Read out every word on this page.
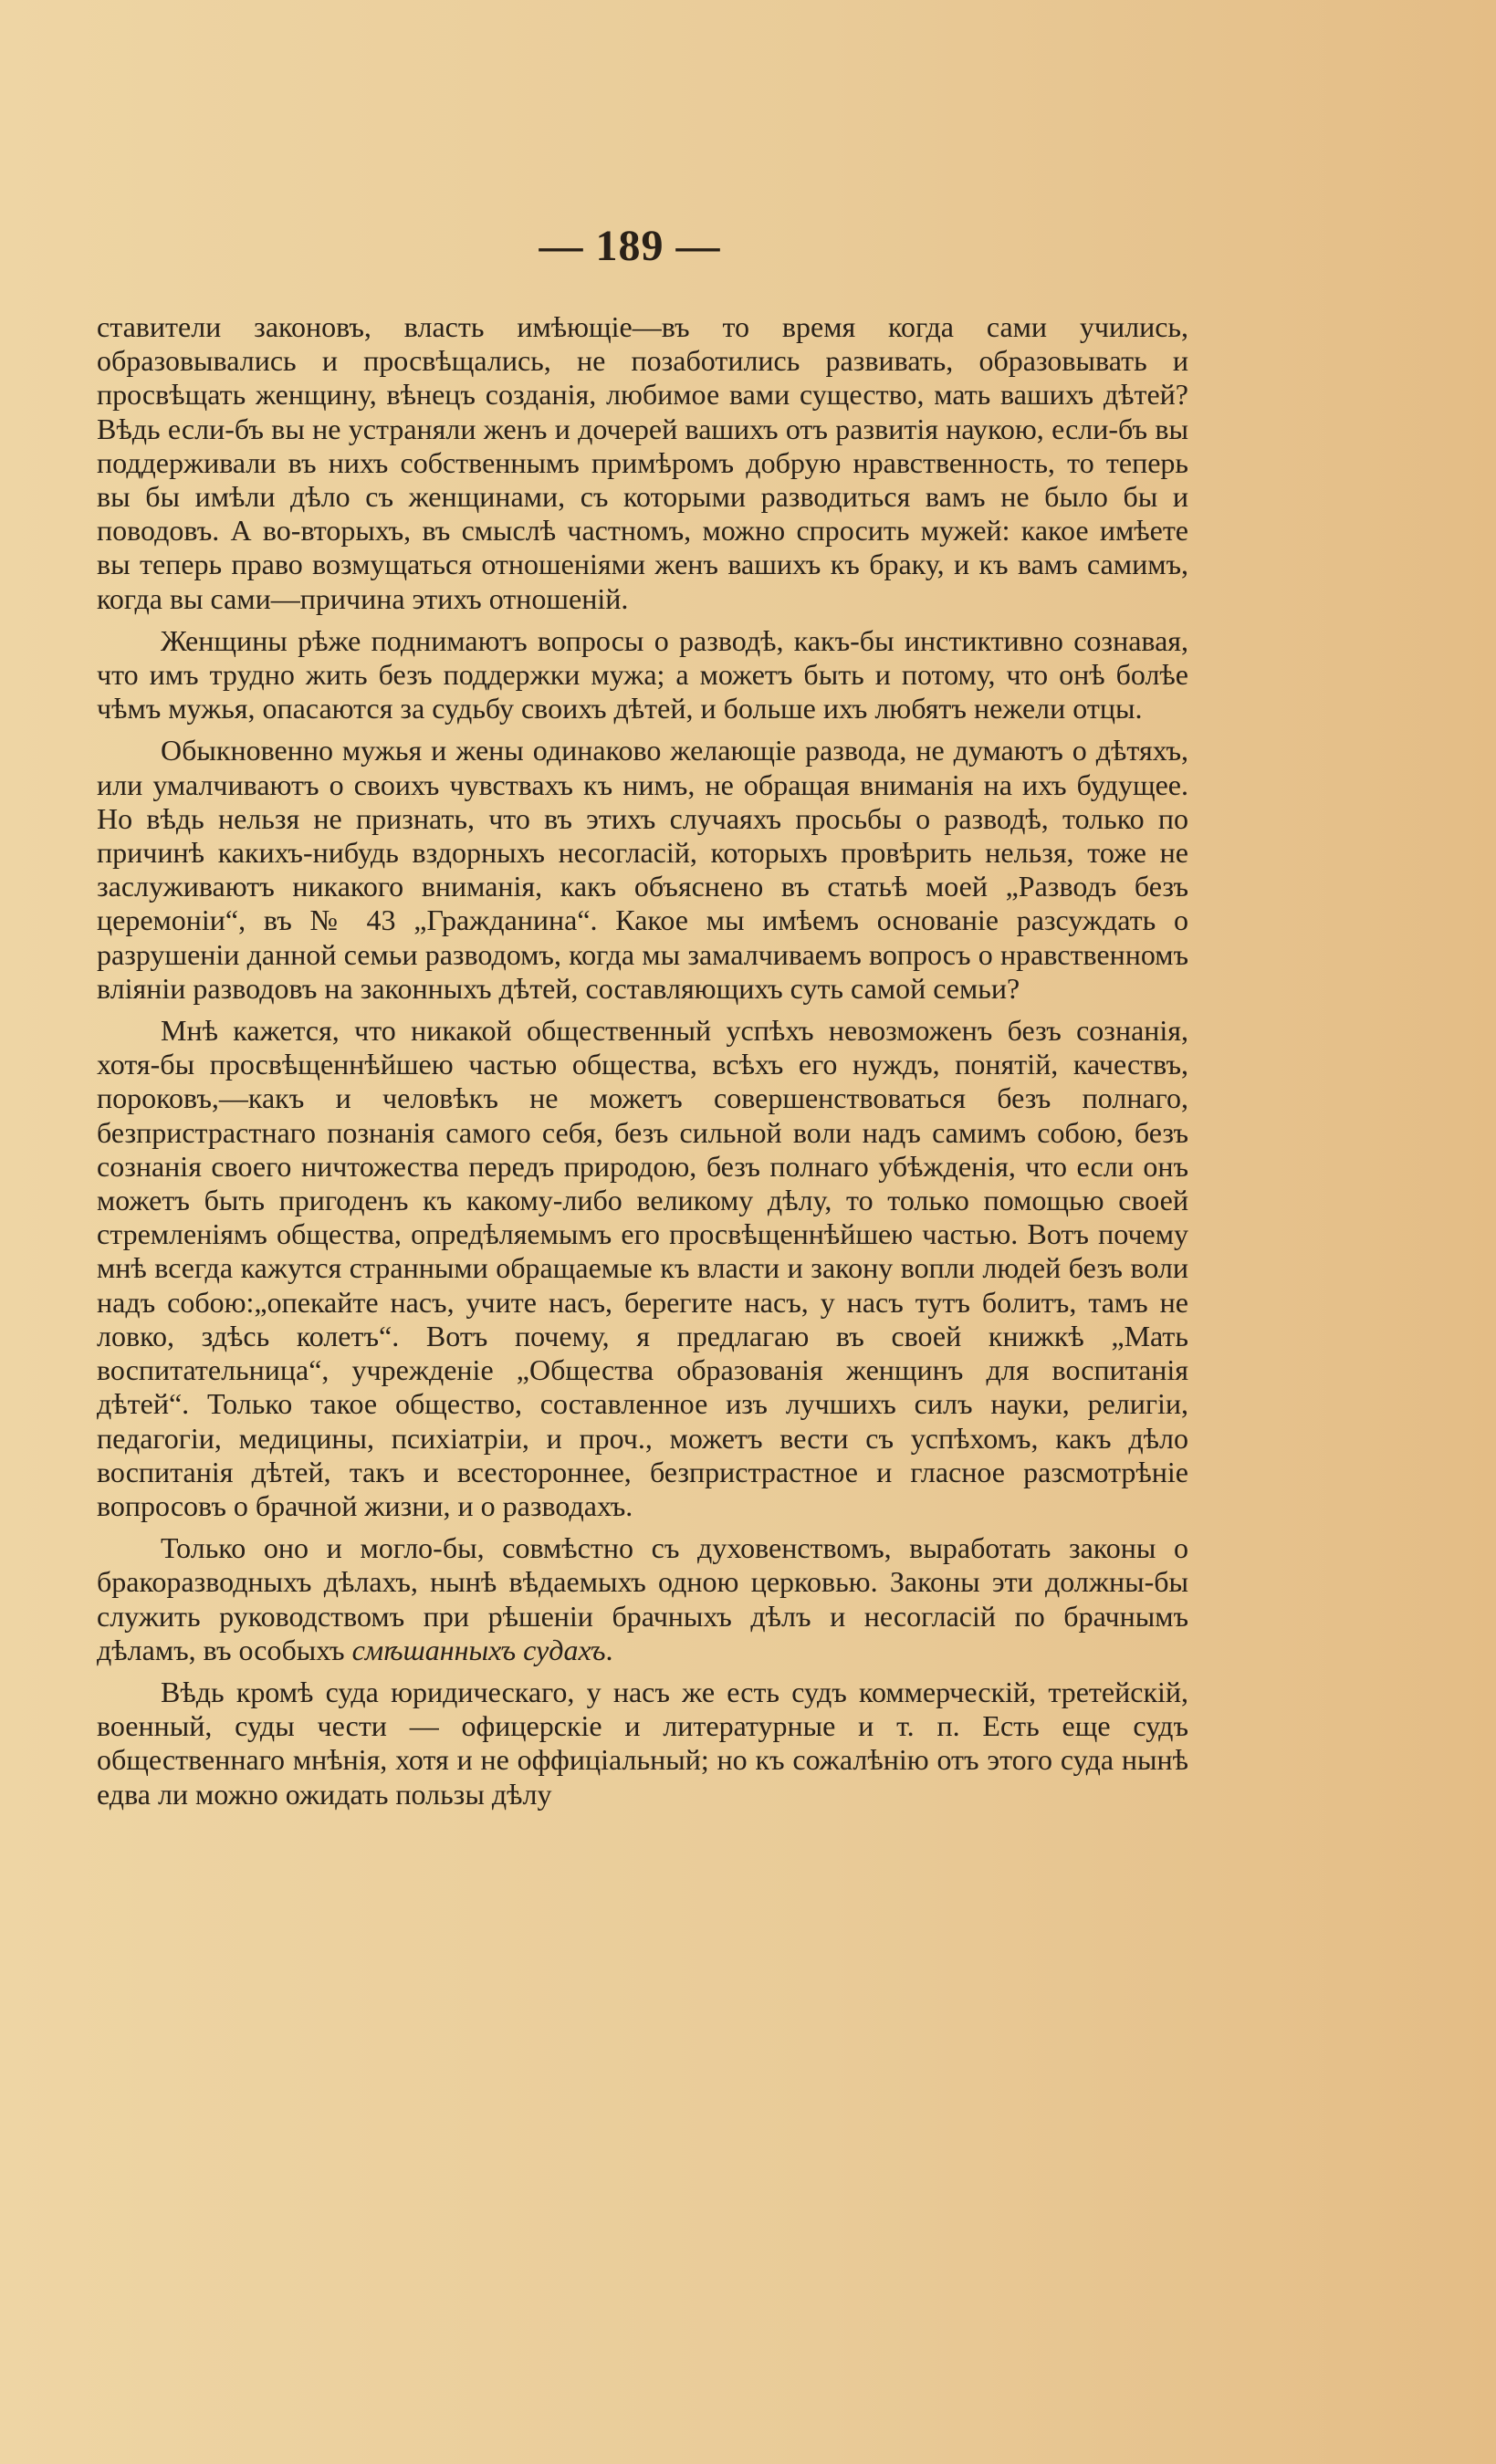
— 189 —

ставители законовъ, власть имѣющіе—въ то время когда сами учились, образовывались и просвѣщались, не позаботились развивать, образовывать и просвѣщать женщину, вѣнецъ созданія, любимое вами существо, мать вашихъ дѣтей? Вѣдь если-бъ вы не устраняли женъ и дочерей вашихъ отъ развитія наукою, если-бъ вы поддерживали въ нихъ собственнымъ примѣромъ добрую нравственность, то теперь вы бы имѣли дѣло съ женщинами, съ которыми разводиться вамъ не было бы и поводовъ. А во-вторыхъ, въ смыслѣ частномъ, можно спросить мужей: какое имѣете вы теперь право возмущаться отношеніями женъ вашихъ къ браку, и къ вамъ самимъ, когда вы сами—причина этихъ отношеній.

Женщины рѣже поднимаютъ вопросы о разводѣ, какъ-бы инстиктивно сознавая, что имъ трудно жить безъ поддержки мужа; а можетъ быть и потому, что онѣ болѣе чѣмъ мужья, опасаются за судьбу своихъ дѣтей, и больше ихъ любятъ нежели отцы.

Обыкновенно мужья и жены одинаково желающіе развода, не думаютъ о дѣтяхъ, или умалчиваютъ о своихъ чувствахъ къ нимъ, не обращая вниманія на ихъ будущее. Но вѣдь нельзя не признать, что въ этихъ случаяхъ просьбы о разводѣ, только по причинѣ какихъ-нибудь вздорныхъ несогласій, которыхъ провѣрить нельзя, тоже не заслуживаютъ никакого вниманія, какъ объяснено въ статьѣ моей „Разводъ безъ церемоніи“, въ № 43 „Гражданина“. Какое мы имѣемъ основаніе разсуждать о разрушеніи данной семьи разводомъ, когда мы замалчиваемъ вопросъ о нравственномъ вліяніи разводовъ на законныхъ дѣтей, составляющихъ суть самой семьи?

Мнѣ кажется, что никакой общественный успѣхъ невозможенъ безъ сознанія, хотя-бы просвѣщеннѣйшею частью общества, всѣхъ его нуждъ, понятій, качествъ, пороковъ,—какъ и человѣкъ не можетъ совершенствоваться безъ полнаго, безпристрастнаго познанія самого себя, безъ сильной воли надъ самимъ собою, безъ сознанія своего ничтожества передъ природою, безъ полнаго убѣжденія, что если онъ можетъ быть пригоденъ къ какому-либо великому дѣлу, то только помощью своей стремленіямъ общества, опредѣляемымъ его просвѣщеннѣйшею частью. Вотъ почему мнѣ всегда кажутся странными обращаемые къ власти и закону вопли людей безъ воли надъ собою:„опекайте насъ, учите насъ, берегите насъ, у насъ тутъ болитъ, тамъ не ловко, здѣсь колетъ“. Вотъ почему, я предлагаю въ своей книжкѣ „Мать воспитательница“, учрежденіе „Общества образованія женщинъ для воспитанія дѣтей“. Только такое общество, составленное изъ лучшихъ силъ науки, религіи, педагогіи, медицины, психіатріи, и проч., можетъ вести съ успѣхомъ, какъ дѣло воспитанія дѣтей, такъ и всестороннее, безпристрастное и гласное разсмотрѣніе вопросовъ о брачной жизни, и о разводахъ.

Только оно и могло-бы, совмѣстно съ духовенствомъ, выработать законы о бракоразводныхъ дѣлахъ, нынѣ вѣдаемыхъ одною церковью. Законы эти должны-бы служить руководствомъ при рѣшеніи брачныхъ дѣлъ и несогласій по брачнымъ дѣламъ, въ особыхъ смѣшанныхъ судахъ.

Вѣдь кромѣ суда юридическаго, у насъ же есть судъ коммерческій, третейскій, военный, суды чести — офицерскіе и литературные и т. п. Есть еще судъ общественнаго мнѣнія, хотя и не оффиціальный; но къ сожалѣнію отъ этого суда нынѣ едва ли можно ожидать пользы дѣлу
